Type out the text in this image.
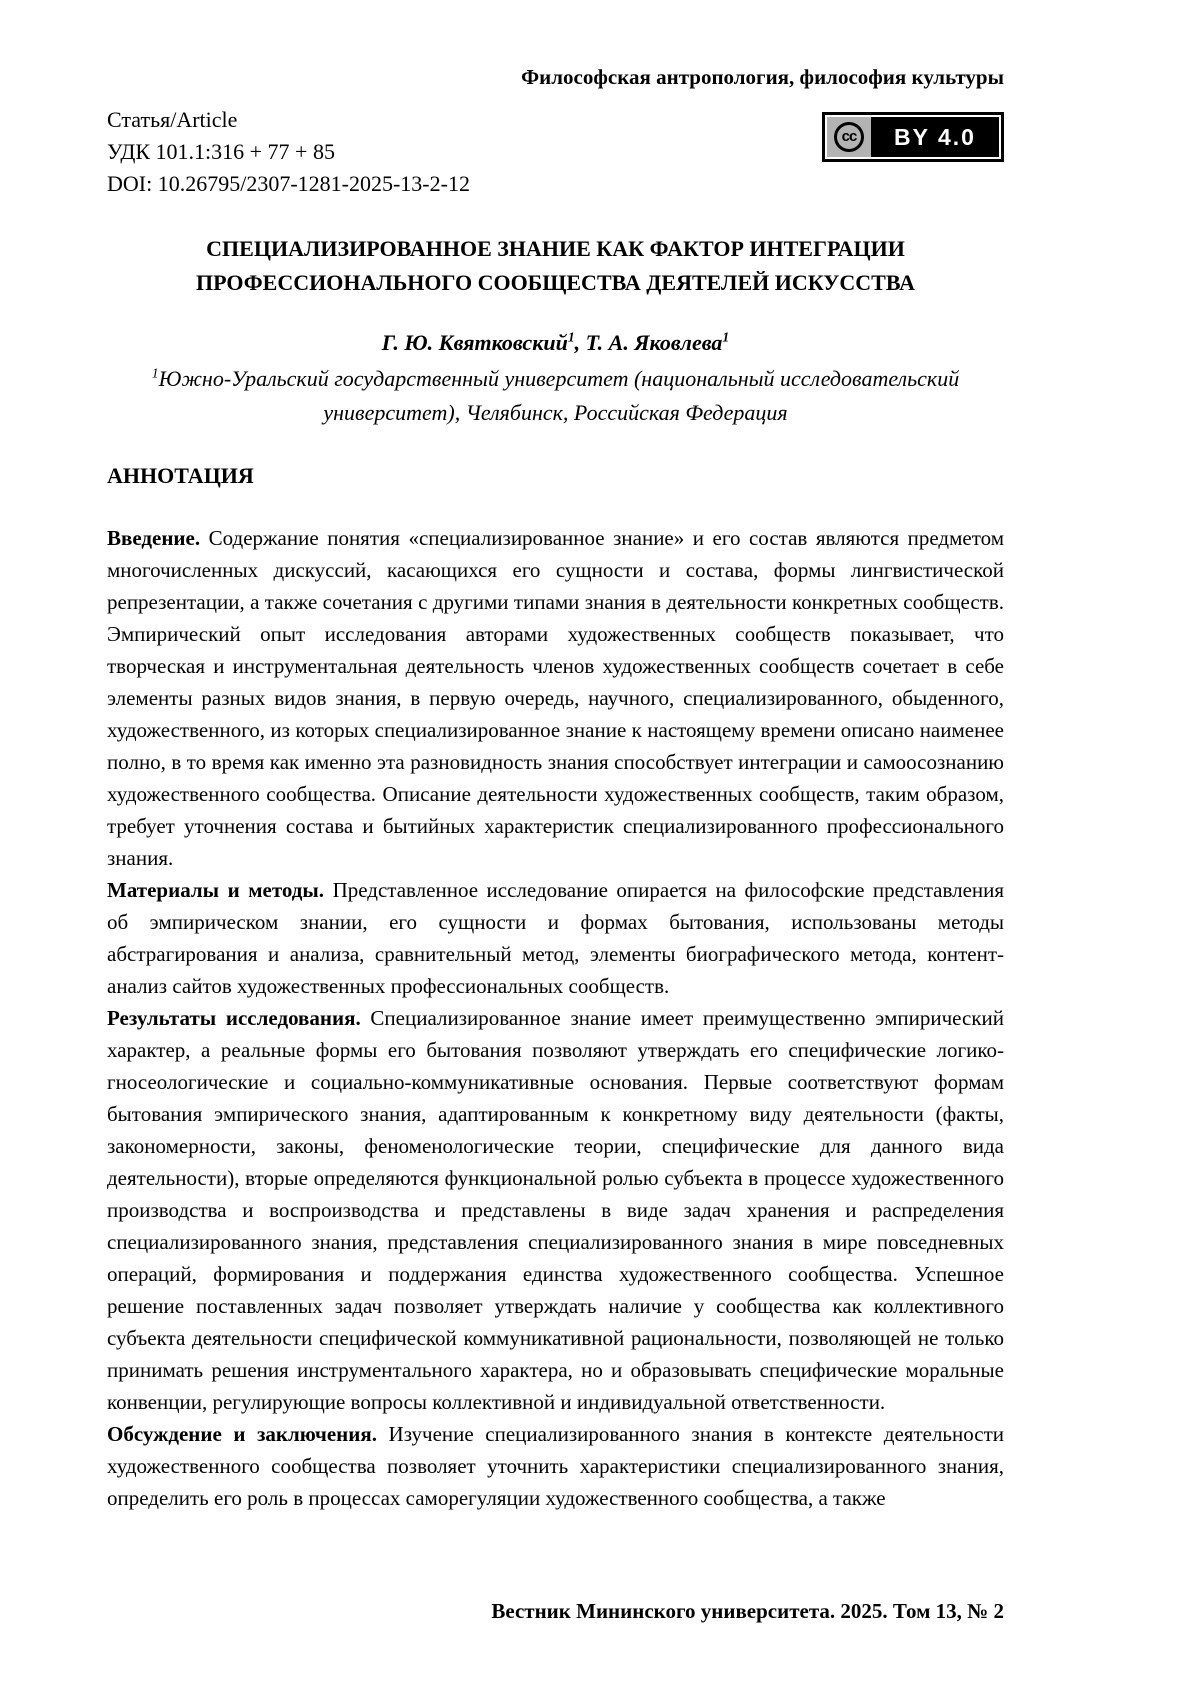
Философская антропология, философия культуры
Статья/Article
УДК 101.1:316 + 77 + 85
DOI: 10.26795/2307-1281-2025-13-2-12
cc	BY 4.0
СПЕЦИАЛИЗИРОВАННОЕ ЗНАНИЕ КАК ФАКТОР ИНТЕГРАЦИИ
ПРОФЕССИОНАЛЬНОГО СООБЩЕСТВА ДЕЯТЕЛЕЙ ИСКУССТВА
Г. Ю. Квятковский$^1$, Т. А. Яковлева$^1$
$^1$Южно-Уральский государственный университет (национальный исследовательский университет), Челябинск, Российская Федерация
АННОТАЦИЯ

Введение. Содержание понятия «специализированное знание» и его состав являются предметом многочисленных дискуссий, касающихся его сущности и состава, формы лингвистической репрезентации, а также сочетания с другими типами знания в деятельности конкретных сообществ. Эмпирический опыт исследования авторами художественных сообществ показывает, что творческая и инструментальная деятельность членов художественных сообществ сочетает в себе элементы разных видов знания, в первую очередь, научного, специализированного, обыденного, художественного, из которых специализированное знание к настоящему времени описано наименее полно, в то время как именно эта разновидность знания способствует интеграции и самоосознанию художественного сообщества. Описание деятельности художественных сообществ, таким образом, требует уточнения состава и бытийных характеристик специализированного профессионального знания.

Материалы и методы. Представленное исследование опирается на философские представления об эмпирическом знании, его сущности и формах бытования, использованы методы абстрагирования и анализа, сравнительный метод, элементы биографического метода, контент-анализ сайтов художественных профессиональных сообществ.

Результаты исследования. Специализированное знание имеет преимущественно эмпирический характер, а реальные формы его бытования позволяют утверждать его специфические логико-гносеологические и социально-коммуникативные основания. Первые соответствуют формам бытования эмпирического знания, адаптированным к конкретному виду деятельности (факты, закономерности, законы, феноменологические теории, специфические для данного вида деятельности), вторые определяются функциональной ролью субъекта в процессе художественного производства и воспроизводства и представлены в виде задач хранения и распределения специализированного знания, представления специализированного знания в мире повседневных операций, формирования и поддержания единства художественного сообщества. Успешное решение поставленных задач позволяет утверждать наличие у сообщества как коллективного субъекта деятельности специфической коммуникативной рациональности, позволяющей не только принимать решения инструментального характера, но и образовывать специфические моральные конвенции, регулирующие вопросы коллективной и индивидуальной ответственности.

Обсуждение и заключения. Изучение специализированного знания в контексте деятельности художественного сообщества позволяет уточнить характеристики специализированного знания, определить его роль в процессах саморегуляции художественного сообщества, а также

Вестник Мининского университета. 2025. Том 13, № 2
